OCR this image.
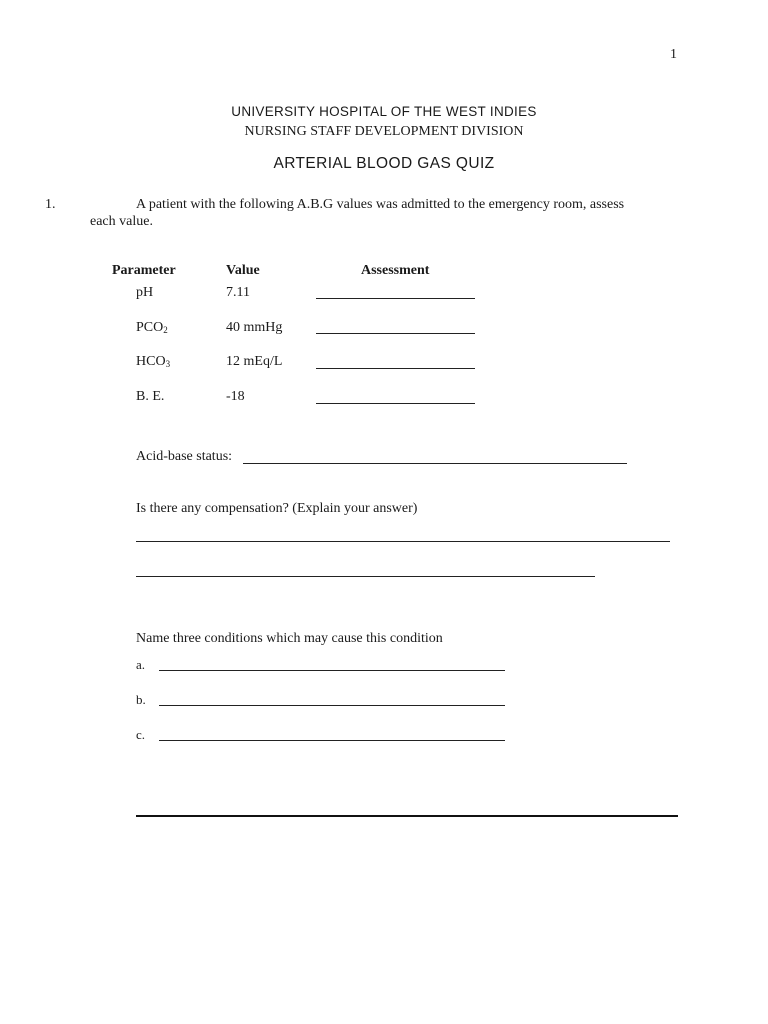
1
UNIVERSITY HOSPITAL OF THE WEST INDIES
NURSING STAFF DEVELOPMENT DIVISION
ARTERIAL BLOOD GAS QUIZ
1.	A patient with the following A.B.G values was admitted to the emergency room, assess
each value.
Parameter	Value	Assessment
pH	7.11
$PCO_2$	40 mmHg
$HCO_3$	12 mEq/L
B. E.	-18
Acid-base status:
Is there any compensation? (Explain your answer)
Name three conditions which may cause this condition
a.
b.
c.
